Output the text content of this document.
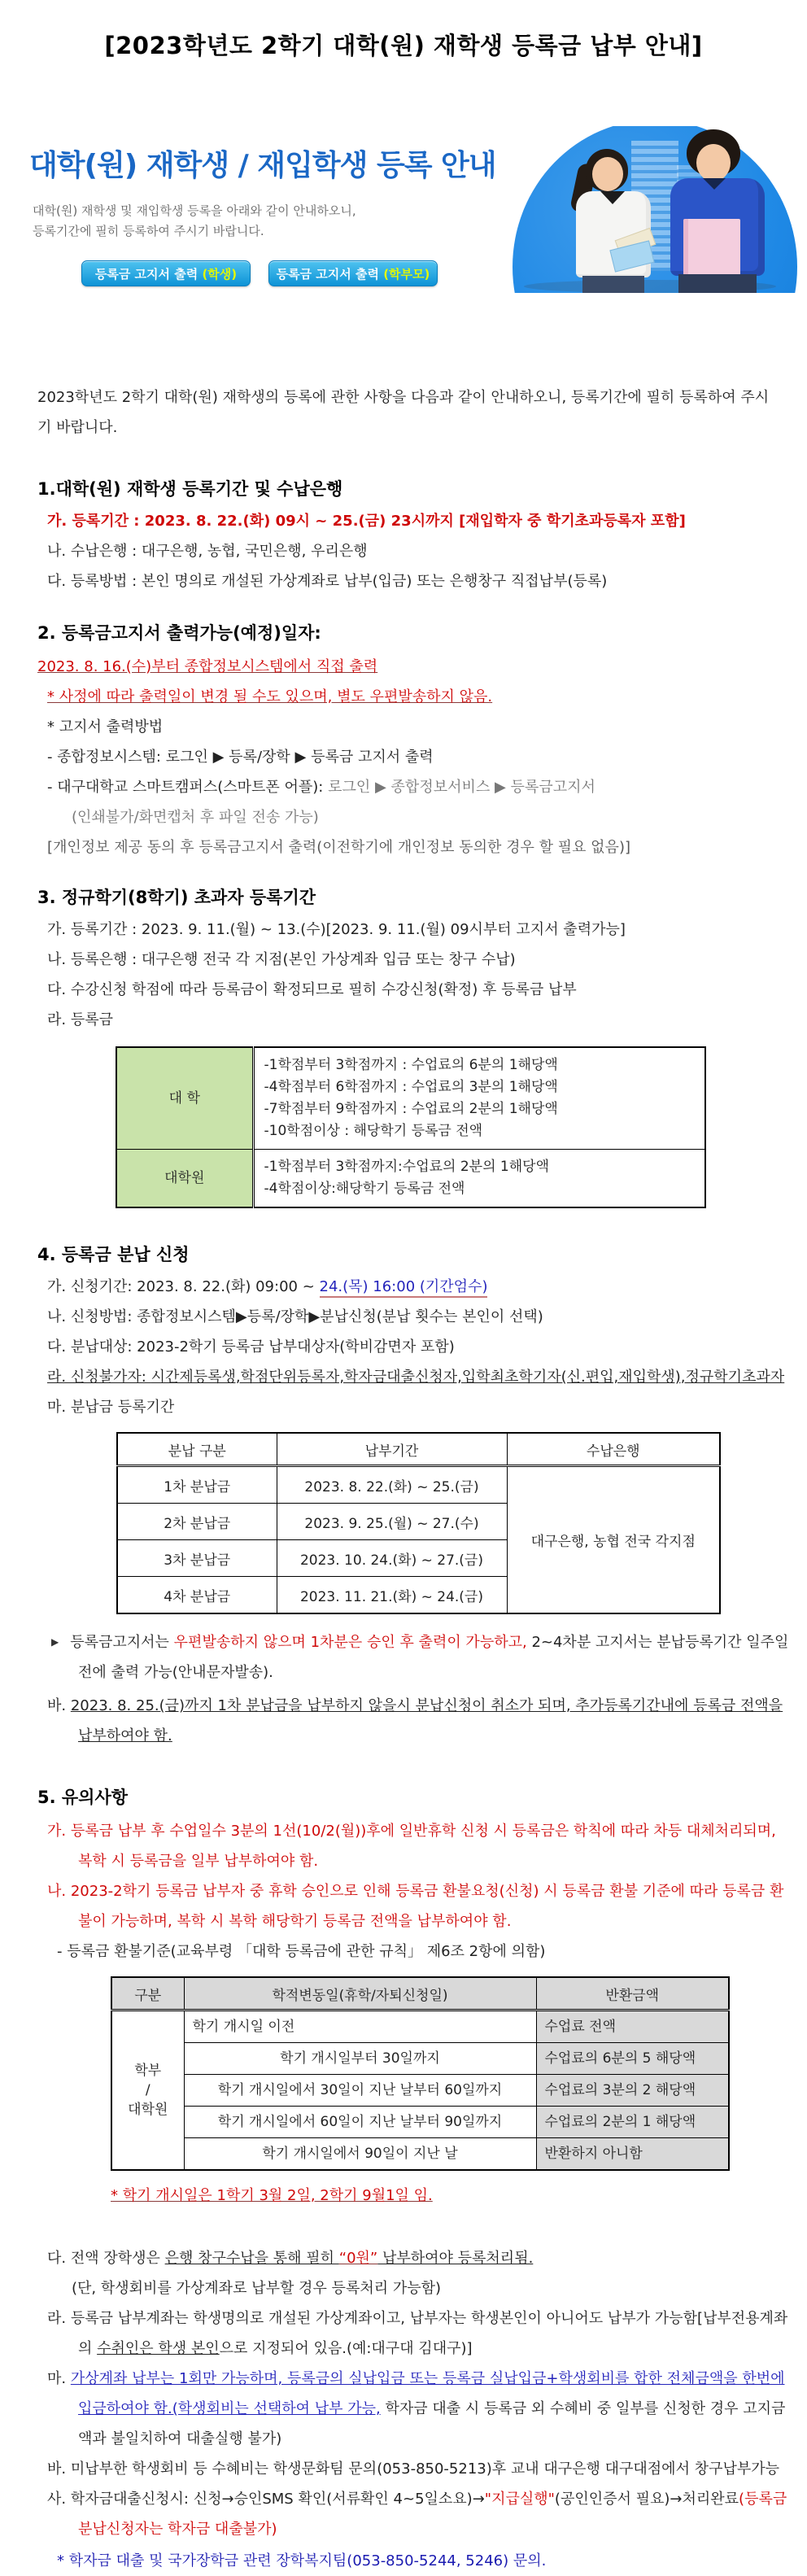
[2023학년도 2학기 대학(원) 재학생 등록금 납부 안내]
대학(원) 재학생 / 재입학생 등록 안내
대학(원) 재학생 및 재입학생 등록을 아래와 같이 안내하오니,
등록기간에 필히 등록하여 주시기 바랍니다.
등록금 고지서 출력 (학생)	등록금 고지서 출력 (학부모)
2023학년도 2학기 대학(원) 재학생의 등록에 관한 사항을 다음과 같이 안내하오니, 등록기간에 필히 등록하여 주시기 바랍니다.
1.대학(원) 재학생 등록기간 및 수납은행
가. 등록기간 : 2023. 8. 22.(화) 09시 ~ 25.(금) 23시까지 [재입학자 중 학기초과등록자 포함]
나. 수납은행 : 대구은행, 농협, 국민은행, 우리은행
다. 등록방법 : 본인 명의로 개설된 가상계좌로 납부(입금) 또는 은행창구 직접납부(등록)
2. 등록금고지서 출력가능(예정)일자:
2023. 8. 16.(수)부터 종합정보시스템에서 직접 출력
* 사정에 따라 출력일이 변경 될 수도 있으며, 별도 우편발송하지 않음.
* 고지서 출력방법
- 종합정보시스템: 로그인 ▶ 등록/장학 ▶ 등록금 고지서 출력
- 대구대학교 스마트캠퍼스(스마트폰 어플): 로그인 ▶ 종합정보서비스 ▶ 등록금고지서
(인쇄불가/화면캡처 후 파일 전송 가능)
[개인정보 제공 동의 후 등록금고지서 출력(이전학기에 개인정보 동의한 경우 할 필요 없음)]
3. 정규학기(8학기) 초과자 등록기간
가. 등록기간 : 2023. 9. 11.(월) ~ 13.(수)[2023. 9. 11.(월) 09시부터 고지서 출력가능]
나. 등록은행 : 대구은행 전국 각 지점(본인 가상계좌 입금 또는 창구 수납)
다. 수강신청 학점에 따라 등록금이 확정되므로 필히 수강신청(확정) 후 등록금 납부
라. 등록금
대 학	-1학점부터 3학점까지 : 수업료의 6분의 1해당액
-4학점부터 6학점까지 : 수업료의 3분의 1해당액
-7학점부터 9학점까지 : 수업료의 2분의 1해당액
-10학점이상 : 해당학기 등록금 전액
대학원	-1학점부터 3학점까지:수업료의 2분의 1해당액
-4학점이상:해당학기 등록금 전액
4. 등록금 분납 신청
가. 신청기간: 2023. 8. 22.(화) 09:00 ~ 24.(목) 16:00 (기간엄수)
나. 신청방법: 종합정보시스템▶등록/장학▶분납신청(분납 횟수는 본인이 선택)
다. 분납대상: 2023-2학기 등록금 납부대상자(학비감면자 포함)
라. 신청불가자: 시간제등록생,학점단위등록자,학자금대출신청자,입학최초학기자(신.편입,재입학생),정규학기초과자
마. 분납금 등록기간
분납 구분	납부기간	수납은행
1차 분납금	2023. 8. 22.(화) ~ 25.(금)	대구은행, 농협 전국 각지점
2차 분납금	2023. 9. 25.(월) ~ 27.(수)	
3차 분납금	2023. 10. 24.(화) ~ 27.(금)	
4차 분납금	2023. 11. 21.(화) ~ 24.(금)	
▶ 등록금고지서는 우편발송하지 않으며 1차분은 승인 후 출력이 가능하고, 2~4차분 고지서는 분납등록기간 일주일 전에 출력 가능(안내문자발송).
바. 2023. 8. 25.(금)까지 1차 분납금을 납부하지 않을시 분납신청이 취소가 되며, 추가등록기간내에 등록금 전액을 납부하여야 함.
5. 유의사항
가. 등록금 납부 후 수업일수 3분의 1선(10/2(월))후에 일반휴학 신청 시 등록금은 학칙에 따라 차등 대체처리되며, 복학 시 등록금을 일부 납부하여야 함.
나. 2023-2학기 등록금 납부자 중 휴학 승인으로 인해 등록금 환불요청(신청) 시 등록금 환불 기준에 따라 등록금 환불이 가능하며, 복학 시 복학 해당학기 등록금 전액을 납부하여야 함.
- 등록금 환불기준(교육부령 「대학 등록금에 관한 규칙」 제6조 2항에 의함)
구분	학적변동일(휴학/자퇴신청일)	반환금액
학부
/
대학원	학기 개시일 이전	수업료 전액
	학기 개시일부터 30일까지	수업료의 6분의 5 해당액
	학기 개시일에서 30일이 지난 날부터 60일까지	수업료의 3분의 2 해당액
	학기 개시일에서 60일이 지난 날부터 90일까지	수업료의 2분의 1 해당액
	학기 개시일에서 90일이 지난 날	반환하지 아니함
* 학기 개시일은 1학기 3월 2일, 2학기 9월1일 임.
다. 전액 장학생은 은행 창구수납을 통해 필히 “0원” 납부하여야 등록처리됨.
(단, 학생회비를 가상계좌로 납부할 경우 등록처리 가능함)
라. 등록금 납부계좌는 학생명의로 개설된 가상계좌이고, 납부자는 학생본인이 아니어도 납부가 가능함[납부전용계좌의 수취인은 학생 본인으로 지정되어 있음.(예:대구대 김대구)]
마. 가상계좌 납부는 1회만 가능하며, 등록금의 실납입금 또는 등록금 실납입금+학생회비를 합한 전체금액을 한번에 입금하여야 함.(학생회비는 선택하여 납부 가능, 학자금 대출 시 등록금 외 수혜비 중 일부를 신청한 경우 고지금액과 불일치하여 대출실행 불가)
바. 미납부한 학생회비 등 수혜비는 학생문화팀 문의(053-850-5213)후 교내 대구은행 대구대점에서 창구납부가능
사. 학자금대출신청시: 신청→승인SMS 확인(서류확인 4~5일소요)→"지급실행"(공인인증서 필요)→처리완료(등록금 분납신청자는 학자금 대출불가)
* 학자금 대출 및 국가장학금 관련 장학복지팀(053-850-5244, 5246) 문의.
